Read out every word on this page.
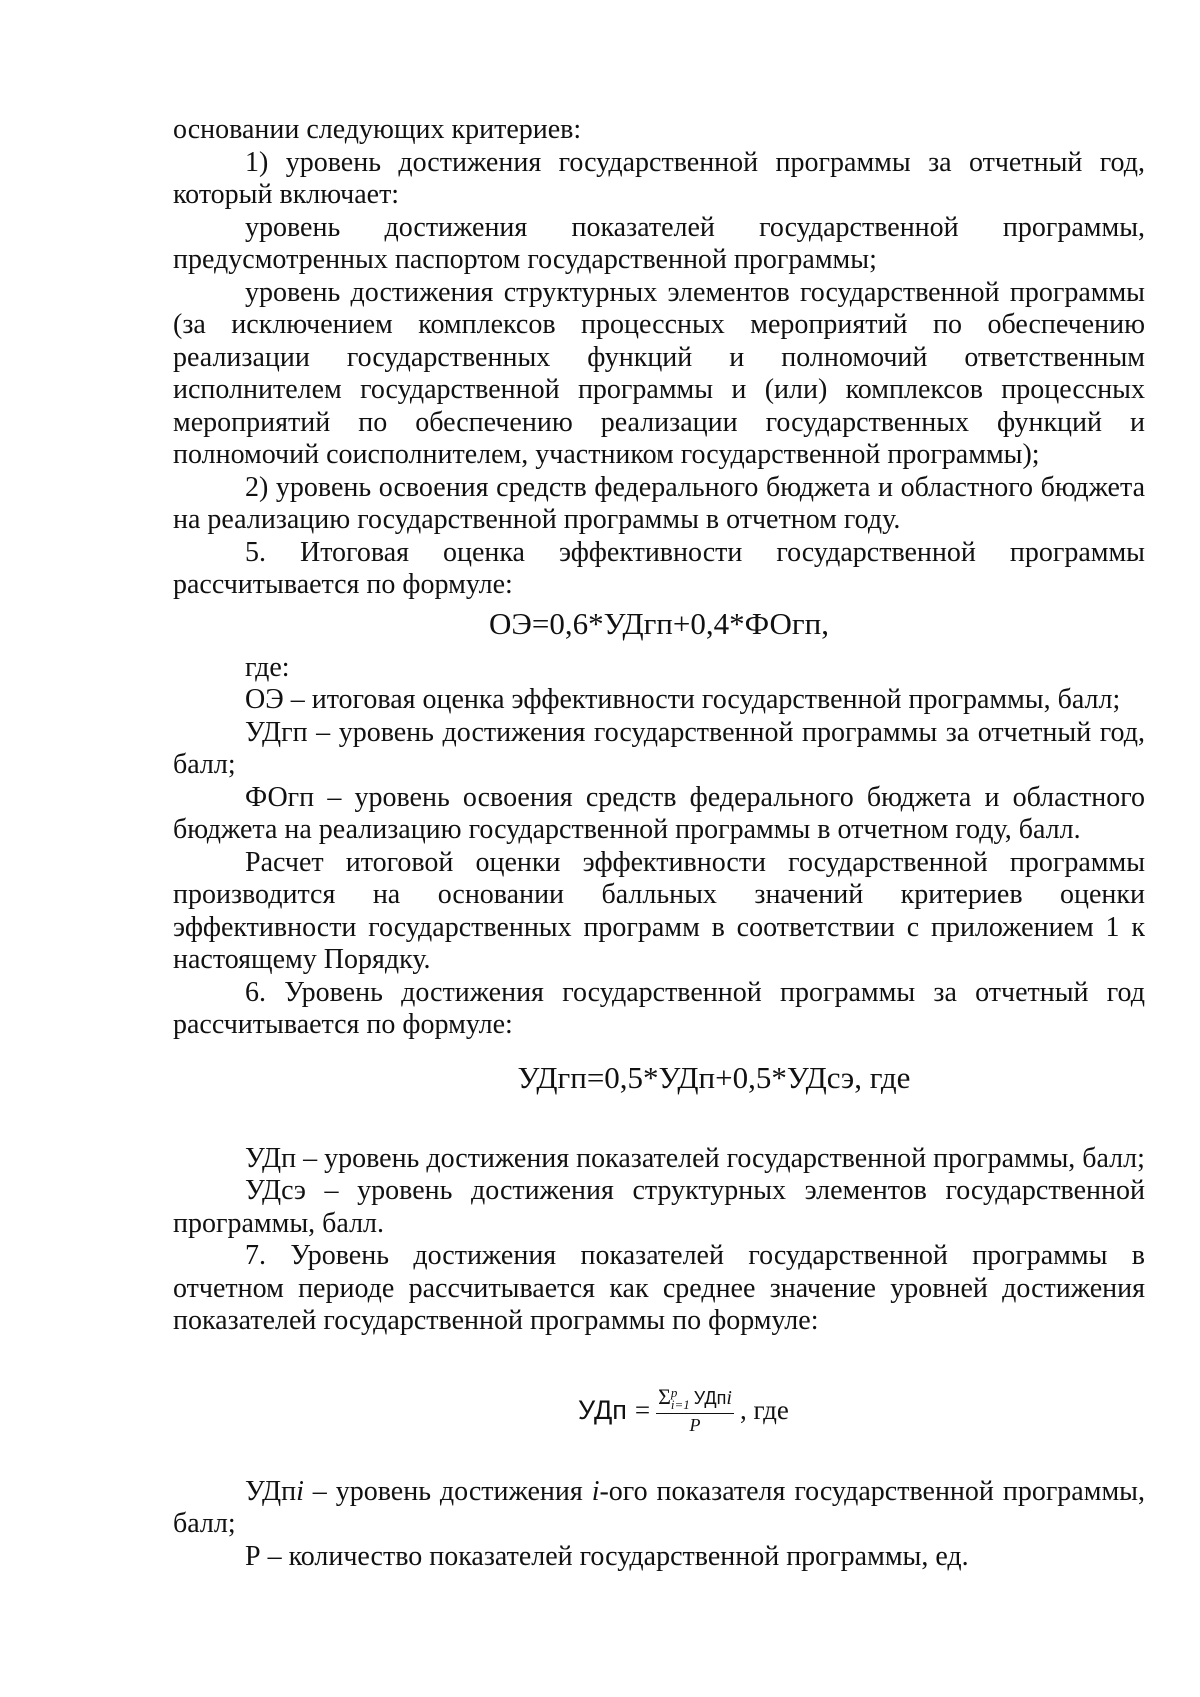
основании следующих критериев:

1) уровень достижения государственной программы за отчетный год, который включает:

уровень достижения показателей государственной программы, предусмотренных паспортом государственной программы;

уровень достижения структурных элементов государственной программы (за исключением комплексов процессных мероприятий по обеспечению реализации государственных функций и полномочий ответственным исполнителем государственной программы и (или) комплексов процессных мероприятий по обеспечению реализации государственных функций и полномочий соисполнителем, участником государственной программы);

2) уровень освоения средств федерального бюджета и областного бюджета на реализацию государственной программы в отчетном году.

5. Итоговая оценка эффективности государственной программы рассчитывается по формуле:

ОЭ=0,6*УДгп+0,4*ФОгп,

где:

ОЭ – итоговая оценка эффективности государственной программы, балл;

УДгп – уровень достижения государственной программы за отчетный год, балл;

ФОгп – уровень освоения средств федерального бюджета и областного бюджета на реализацию государственной программы в отчетном году, балл.

Расчет итоговой оценки эффективности государственной программы производится на основании балльных значений критериев оценки эффективности государственных программ в соответствии с приложением 1 к настоящему Порядку.

6. Уровень достижения государственной программы за отчетный год рассчитывается по формуле:

УДгп=0,5*УДп+0,5*УДсэ, где

УДп – уровень достижения показателей государственной программы, балл;

УДсэ – уровень достижения структурных элементов государственной программы, балл.

7. Уровень достижения показателей государственной программы в отчетном периоде рассчитывается как среднее значение уровней достижения показателей государственной программы по формуле:

УДп = Σ p
i=1 УДпi
P , где

УДпi – уровень достижения i-ого показателя государственной программы, балл;

Р – количество показателей государственной программы, ед.
